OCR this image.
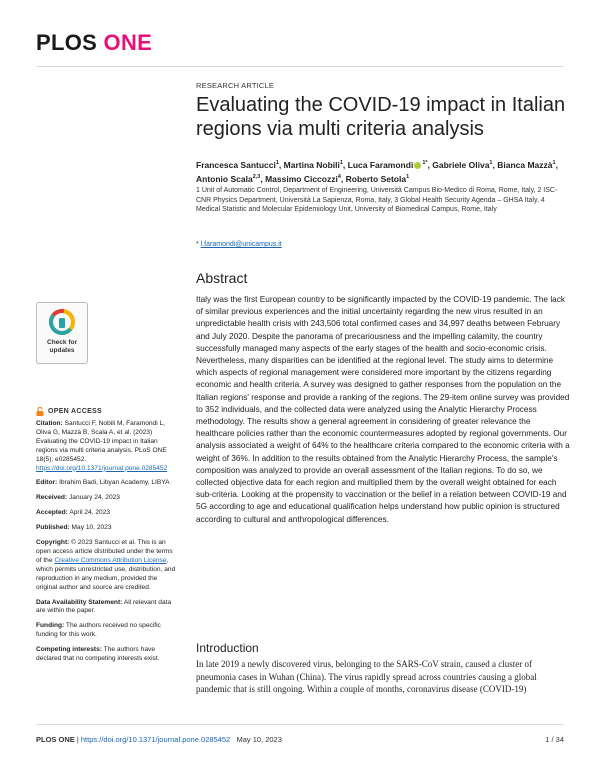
PLOS ONE
RESEARCH ARTICLE
Evaluating the COVID-19 impact in Italian regions via multi criteria analysis
Francesca Santucci$^1$, Martina Nobili$^1$, Luca Faramondi $^{1*}$, Gabriele Oliva$^1$, Bianca Mazzà$^1$, Antonio Scala$^{2,3}$, Massimo Ciccozzi$^4$, Roberto Setola$^1$
1 Unit of Automatic Control, Department of Engineering, Università Campus Bio-Medico di Roma, Rome, Italy, 2 ISC-CNR Physics Department, Università La Sapienza, Roma, Italy, 3 Global Health Security Agenda – GHSA Italy, 4 Medical Statistic and Molecular Epidemiology Unit, University of Biomedical Campus, Rome, Italy
* l.faramondi@unicampus.it
Check for
updates
OPEN ACCESS

Citation: Santucci F, Nobili M, Faramondi L, Oliva G, Mazzà B, Scala A, et al. (2023) Evaluating the COVID-19 impact in Italian regions via multi criteria analysis. PLoS ONE 18(5): e0285452. https://doi.org/10.1371/journal.pone.0285452

Editor: Ibrahim Badi, Libyan Academy, LIBYA

Received: January 24, 2023

Accepted: April 24, 2023

Published: May 10, 2023

Copyright: © 2023 Santucci et al. This is an open access article distributed under the terms of the Creative Commons Attribution License, which permits unrestricted use, distribution, and reproduction in any medium, provided the original author and source are credited.

Data Availability Statement: All relevant data are within the paper.

Funding: The authors received no specific funding for this work.

Competing interests: The authors have declared that no competing interests exist.

Abstract
Italy was the first European country to be significantly impacted by the COVID-19 pandemic. The lack of similar previous experiences and the initial uncertainty regarding the new virus resulted in an unpredictable health crisis with 243,506 total confirmed cases and 34,997 deaths between February and July 2020. Despite the panorama of precariousness and the impelling calamity, the country successfully managed many aspects of the early stages of the health and socio-economic crisis. Nevertheless, many disparities can be identified at the regional level. The study aims to determine which aspects of regional management were considered more important by the citizens regarding economic and health criteria. A survey was designed to gather responses from the population on the Italian regions' response and provide a ranking of the regions. The 29-item online survey was provided to 352 individuals, and the collected data were analyzed using the Analytic Hierarchy Process methodology. The results show a general agreement in considering of greater relevance the healthcare policies rather than the economic countermeasures adopted by regional governments. Our analysis associated a weight of 64% to the healthcare criteria compared to the economic criteria with a weight of 36%. In addition to the results obtained from the Analytic Hierarchy Process, the sample's composition was analyzed to provide an overall assessment of the Italian regions. To do so, we collected objective data for each region and multiplied them by the overall weight obtained for each sub-criteria. Looking at the propensity to vaccination or the belief in a relation between COVID-19 and 5G according to age and educational qualification helps understand how public opinion is structured according to cultural and anthropological differences.
Introduction
In late 2019 a newly discovered virus, belonging to the SARS-CoV strain, caused a cluster of pneumonia cases in Wuhan (China). The virus rapidly spread across countries causing a global pandemic that is still ongoing. Within a couple of months, coronavirus disease (COVID-19)
PLOS ONE | https://doi.org/10.1371/journal.pone.0285452 May 10, 2023	1 / 34
